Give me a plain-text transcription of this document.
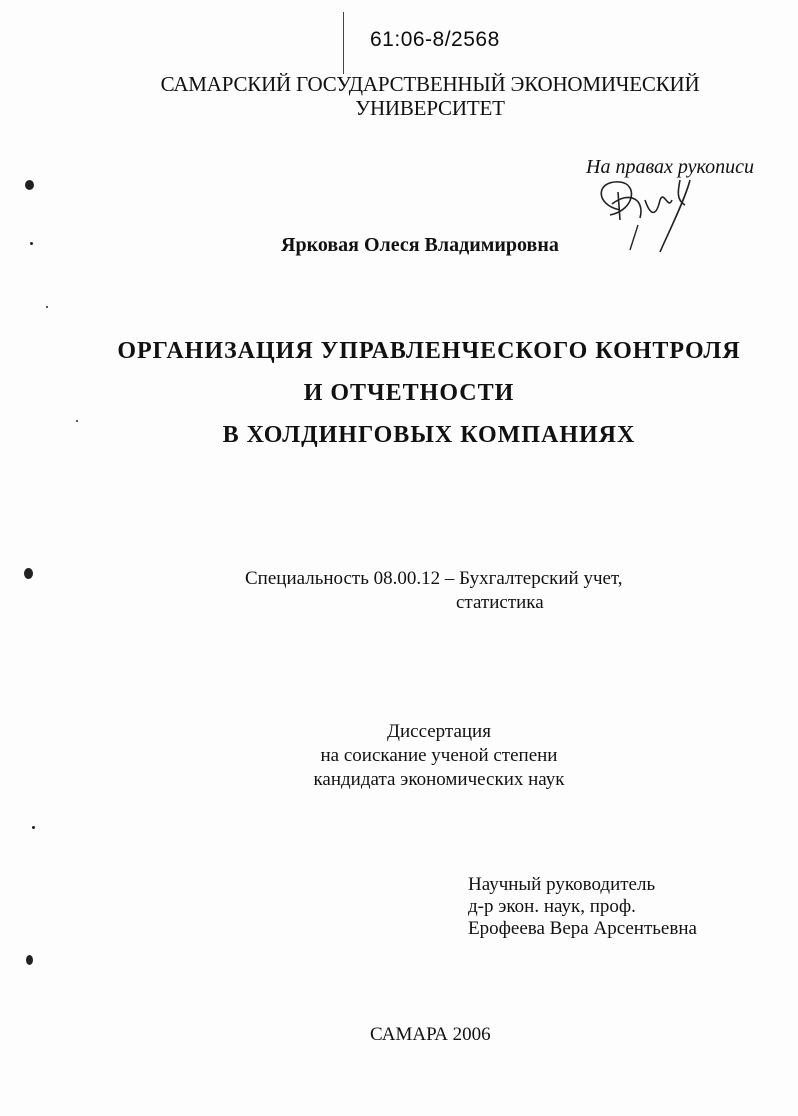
61:06-8/2568
САМАРСКИЙ ГОСУДАРСТВЕННЫЙ ЭКОНОМИЧЕСКИЙ
УНИВЕРСИТЕТ
На правах рукописи
Ярковая Олеся Владимировна
ОРГАНИЗАЦИЯ УПРАВЛЕНЧЕСКОГО КОНТРОЛЯ
И ОТЧЕТНОСТИ
В ХОЛДИНГОВЫХ КОМПАНИЯХ
Специальность 08.00.12 – Бухгалтерский учет,
статистика
Диссертация
на соискание ученой степени
кандидата экономических наук
Научный руководитель
д-р экон. наук, проф.
Ерофеева Вера Арсентьевна
САМАРА 2006
